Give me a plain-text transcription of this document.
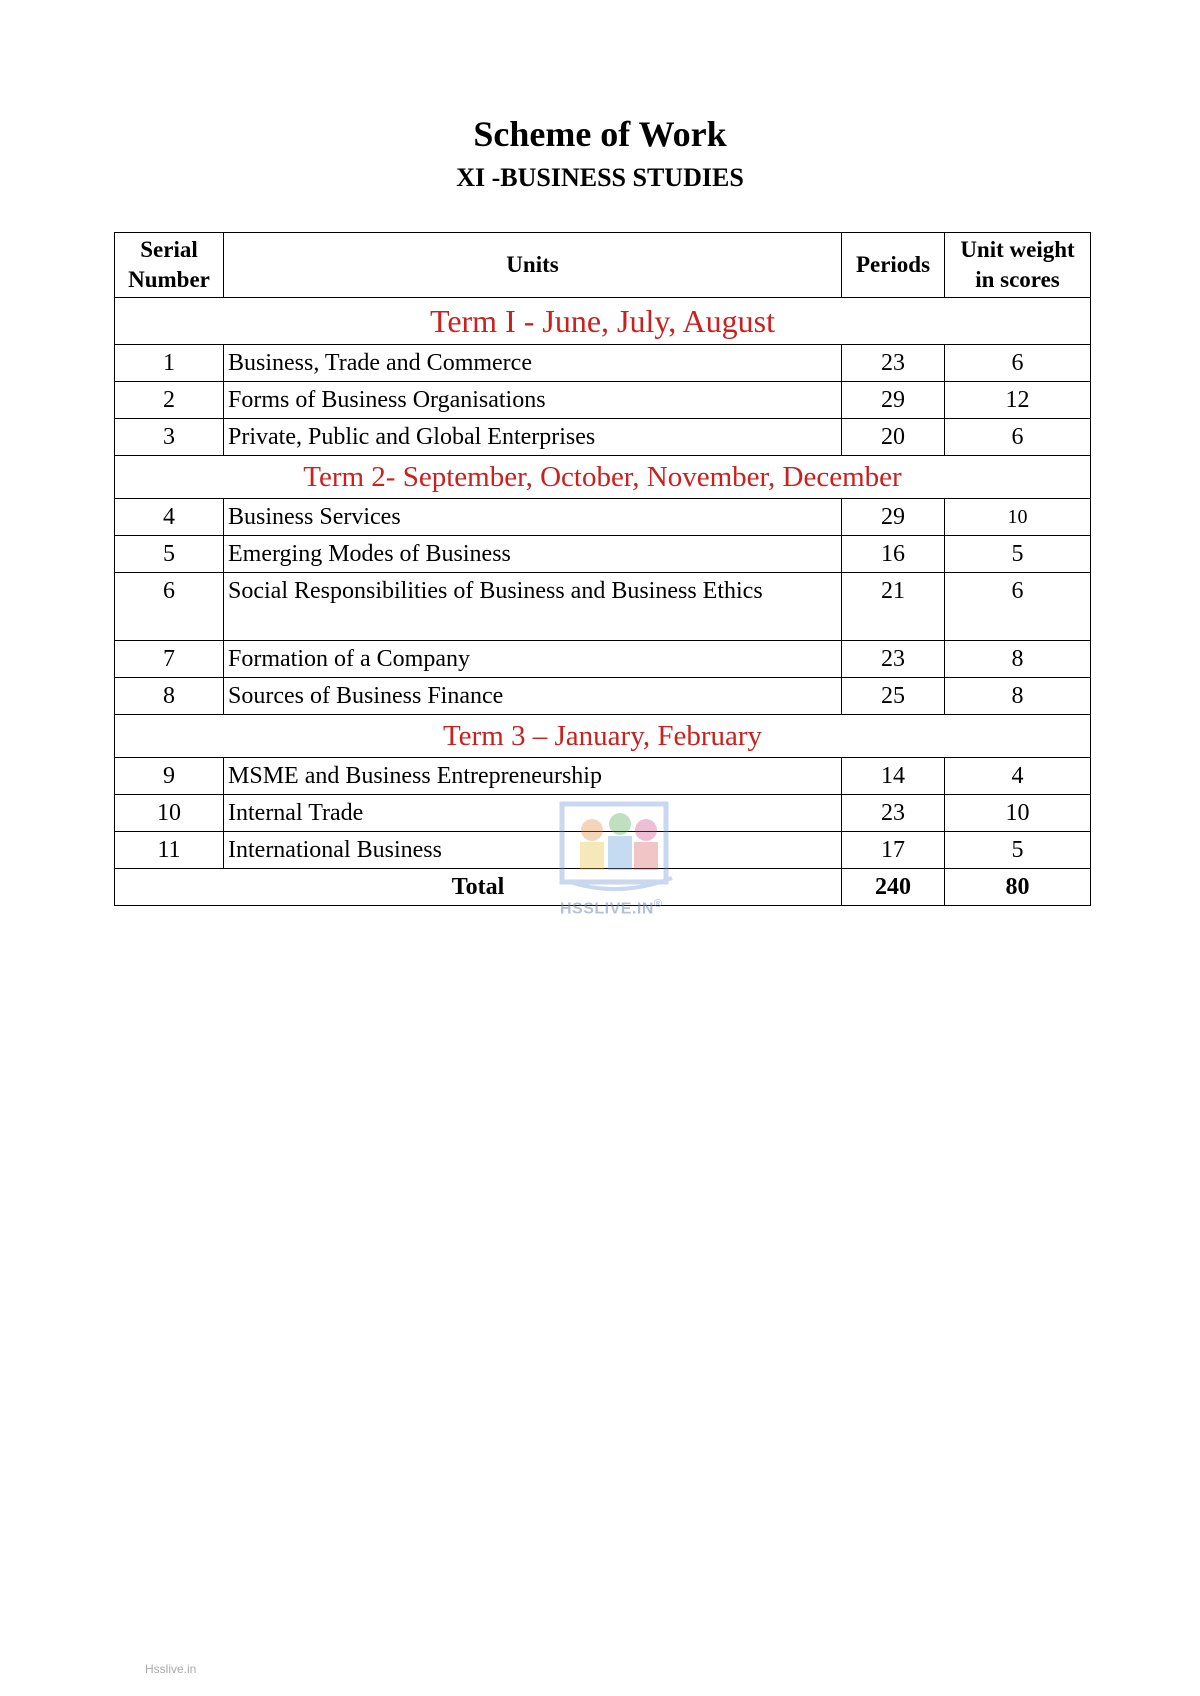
Scheme of Work
XI -BUSINESS STUDIES
Serial
Number	Units	Periods	Unit weight
in scores
Term I - June, July, August			
1	Business, Trade and Commerce	23	6
2	Forms of Business Organisations	29	12
3	Private, Public and Global Enterprises	20	6
Term 2- September, October, November, December			
4	Business Services	29	10
5	Emerging Modes of Business	16	5
6	Social Responsibilities of Business and Business Ethics	21	6
7	Formation of a Company	23	8
8	Sources of Business Finance	25	8
Term 3 – January, February			
9	MSME and Business Entrepreneurship	14	4
10	Internal Trade	23	10
11	International Business	17	5
Total		240	80
HSSLIVE.IN®
Hsslive.in
